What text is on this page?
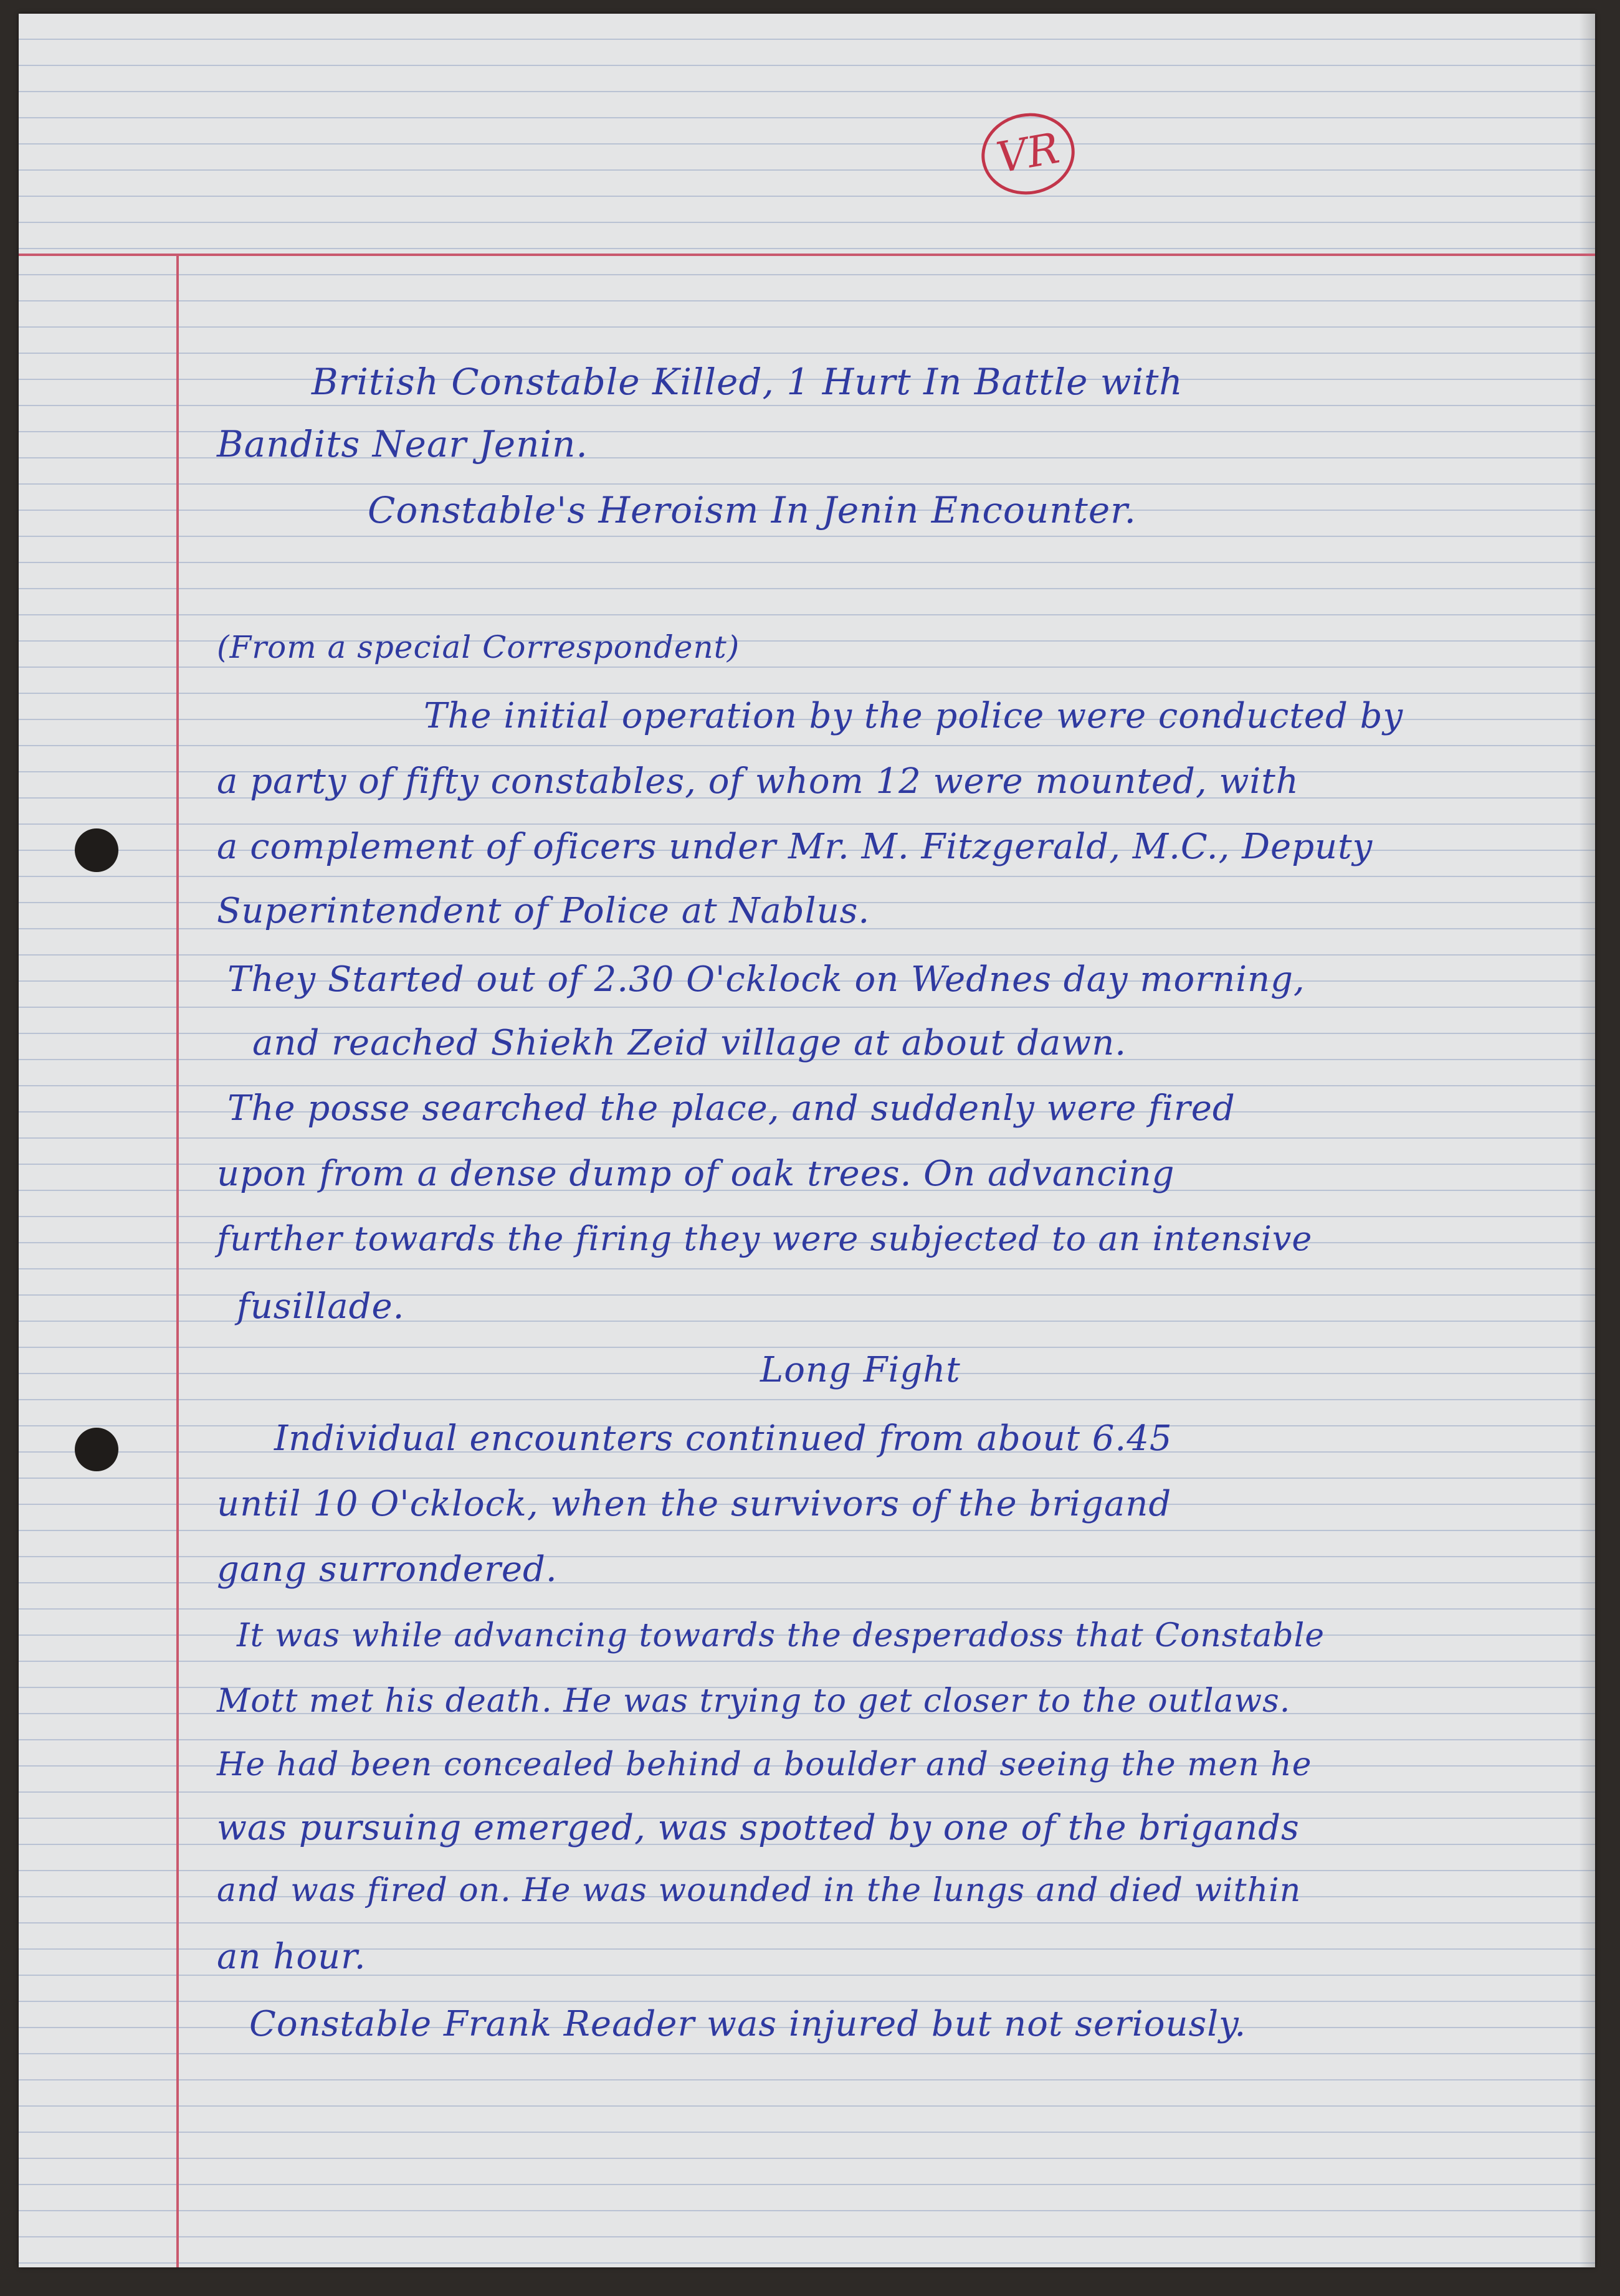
VR
British Constable Killed, 1 Hurt In Battle with
Bandits Near Jenin.
Constable's Heroism In Jenin Encounter.
(From a special Correspondent)
The initial operation by the police were conducted by
a party of fifty constables, of whom 12 were mounted, with
a complement of oficers under Mr. M. Fitzgerald, M.C., Deputy
Superintendent of Police at Nablus.
They Started out of 2.30 O'cklock on Wednes day morning,
and reached Shiekh Zeid village at about dawn.
The posse searched the place, and suddenly were fired
upon from a dense dump of oak trees. On advancing
further towards the firing they were subjected to an intensive
fusillade.
Long Fight
Individual encounters continued from about 6.45
until 10 O'cklock, when the survivors of the brigand
gang surrondered.
It was while advancing towards the desperadoss that Constable
Mott met his death. He was trying to get closer to the outlaws.
He had been concealed behind a boulder and seeing the men he
was pursuing emerged, was spotted by one of the brigands
and was fired on. He was wounded in the lungs and died within
an hour.
Constable Frank Reader was injured but not seriously.
